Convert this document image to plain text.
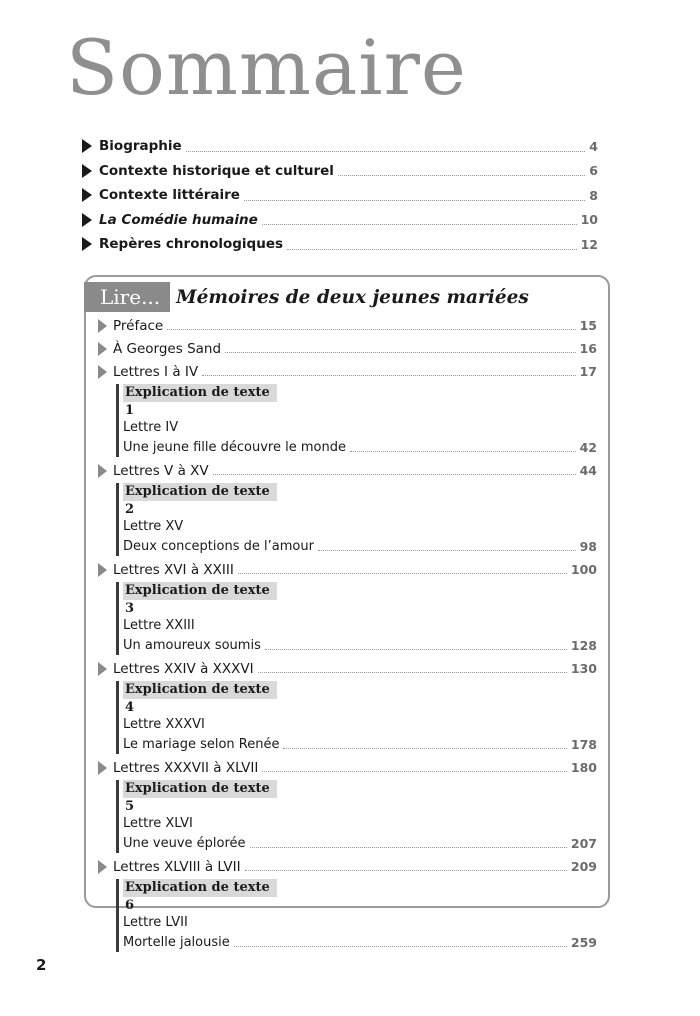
Sommaire
Biographie	4
Contexte historique et culturel	6
Contexte littéraire	8
La Comédie humaine	10
Repères chronologiques	12
Lire... Mémoires de deux jeunes mariées
Préface	15
À Georges Sand	16
Lettres I à IV	17
Explication de texte 1
Lettre IV
Une jeune fille découvre le monde	42
Lettres V à XV	44
Explication de texte 2
Lettre XV
Deux conceptions de l’amour	98
Lettres XVI à XXIII	100
Explication de texte 3
Lettre XXIII
Un amoureux soumis	128
Lettres XXIV à XXXVI	130
Explication de texte 4
Lettre XXXVI
Le mariage selon Renée	178
Lettres XXXVII à XLVII	180
Explication de texte 5
Lettre XLVI
Une veuve éplorée	207
Lettres XLVIII à LVII	209
Explication de texte 6
Lettre LVII
Mortelle jalousie	259
2
